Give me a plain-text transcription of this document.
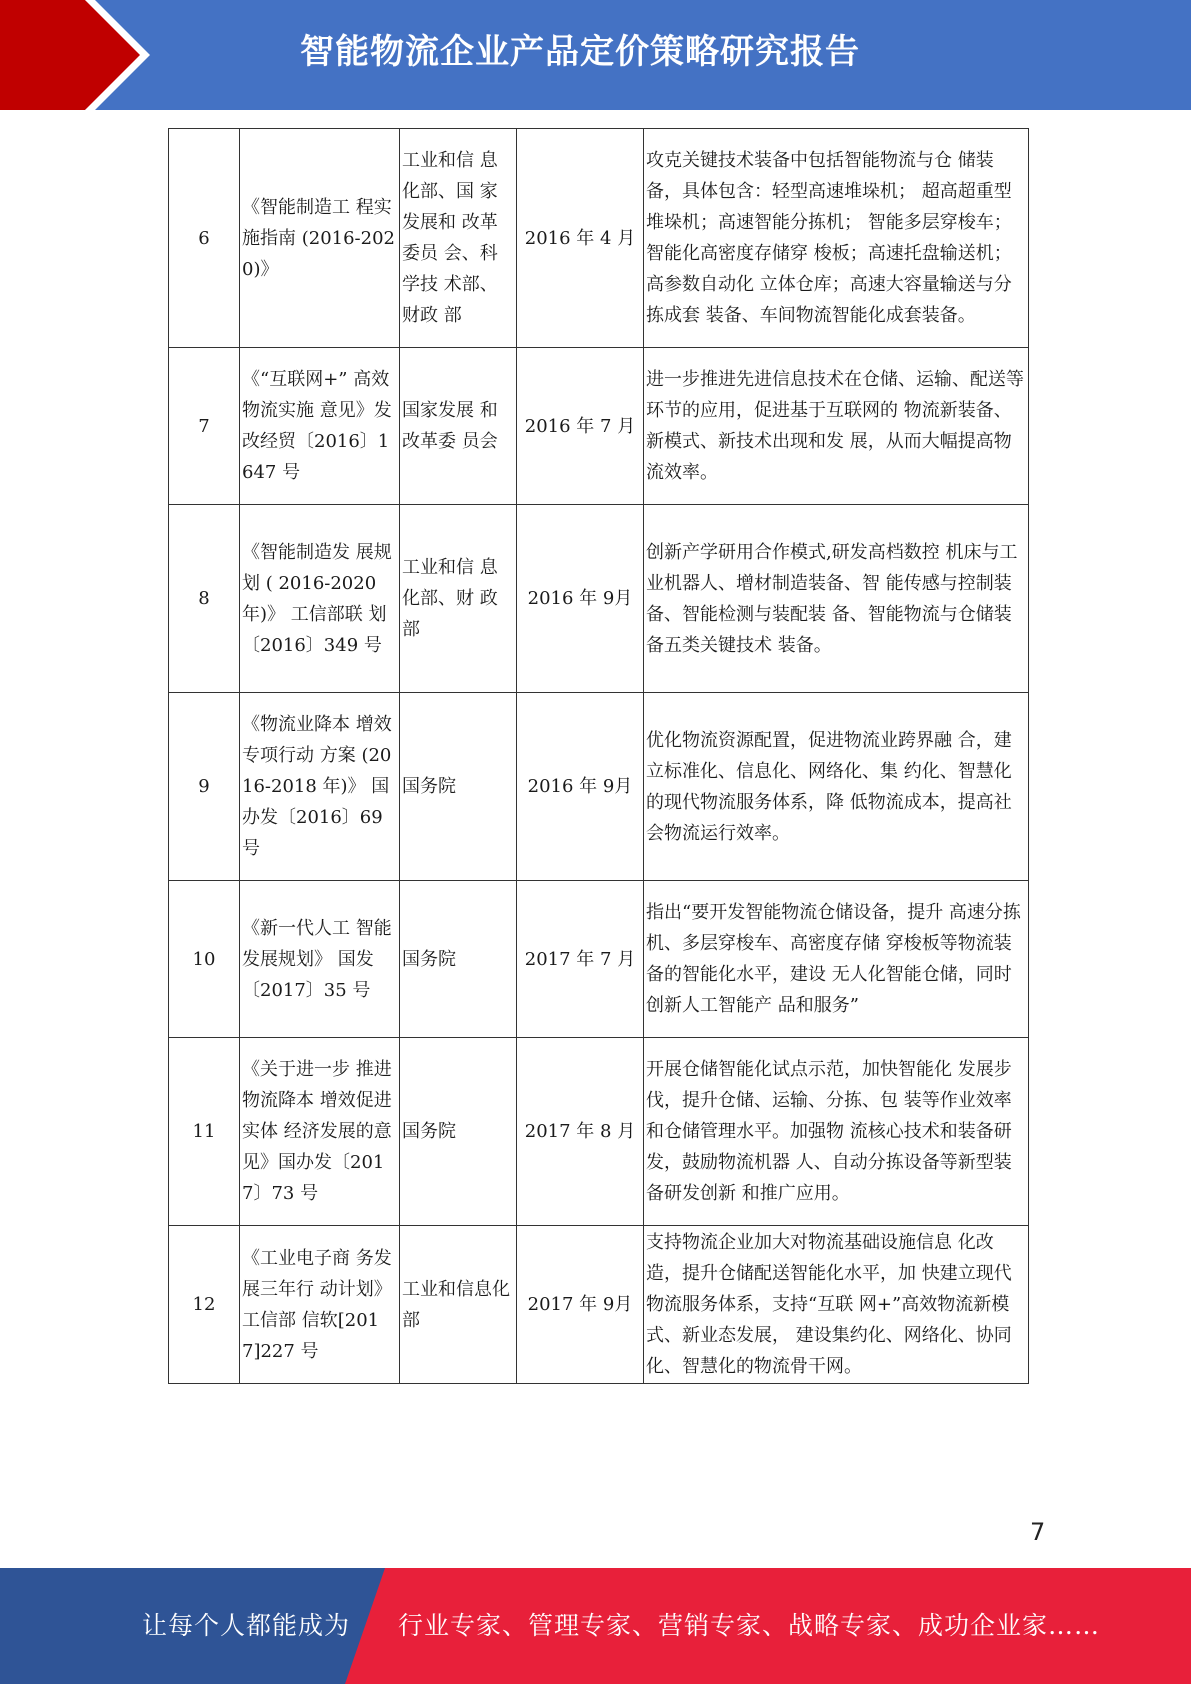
智能物流企业产品定价策略研究报告
6	《智能制造工 程实施指南 (2016-2020)》	工业和信 息化部、国 家发展和 改革委员 会、科学技 术部、财政 部	2016 年 4 月	攻克关键技术装备中包括智能物流与仓 储装备，具体包含：轻型高速堆垛机； 超高超重型堆垛机；高速智能分拣机； 智能多层穿梭车；智能化高密度存储穿 梭板；高速托盘输送机；高参数自动化 立体仓库；高速大容量输送与分拣成套 装备、车间物流智能化成套装备。
7	《“互联网+” 高效物流实施 意见》发改经贸〔2016〕1647 号	国家发展 和改革委 员会	2016 年 7 月	进一步推进先进信息技术在仓储、运输、配送等环节的应用，促进基于互联网的 物流新装备、新模式、新技术出现和发 展，从而大幅提高物流效率。
8	《智能制造发 展规 划 ( 2016-2020 年)》 工信部联 划〔2016〕349 号	工业和信 息化部、财 政部	2016 年 9月	创新产学研用合作模式,研发高档数控 机床与工业机器人、增材制造装备、智 能传感与控制装备、智能检测与装配装 备、智能物流与仓储装备五类关键技术 装备。
9	《物流业降本 增效专项行动 方案 (2016-2018 年)》 国办发〔2016〕69 号	国务院	2016 年 9月	优化物流资源配置，促进物流业跨界融 合，建立标准化、信息化、网络化、集 约化、智慧化的现代物流服务体系，降 低物流成本，提高社会物流运行效率。
10	《新一代人工 智能发展规划》 国发〔2017〕35 号	国务院	2017 年 7 月	指出“要开发智能物流仓储设备，提升 高速分拣机、多层穿梭车、高密度存储 穿梭板等物流装备的智能化水平，建设 无人化智能仓储，同时创新人工智能产 品和服务”
11	《关于进一步 推进物流降本 增效促进实体 经济发展的意 见》国办发〔2017〕73 号	国务院	2017 年 8 月	开展仓储智能化试点示范，加快智能化 发展步伐，提升仓储、运输、分拣、包 装等作业效率和仓储管理水平。加强物 流核心技术和装备研发，鼓励物流机器 人、自动分拣设备等新型装备研发创新 和推广应用。
12	《工业电子商 务发展三年行 动计划》工信部 信软[2017]227 号	工业和信息化部	2017 年 9月	支持物流企业加大对物流基础设施信息 化改造，提升仓储配送智能化水平，加 快建立现代物流服务体系，支持“互联 网+”高效物流新模式、新业态发展， 建设集约化、网络化、协同化、智慧化的物流骨干网。
7
让每个人都能成为	行业专家、管理专家、营销专家、战略专家、成功企业家……
